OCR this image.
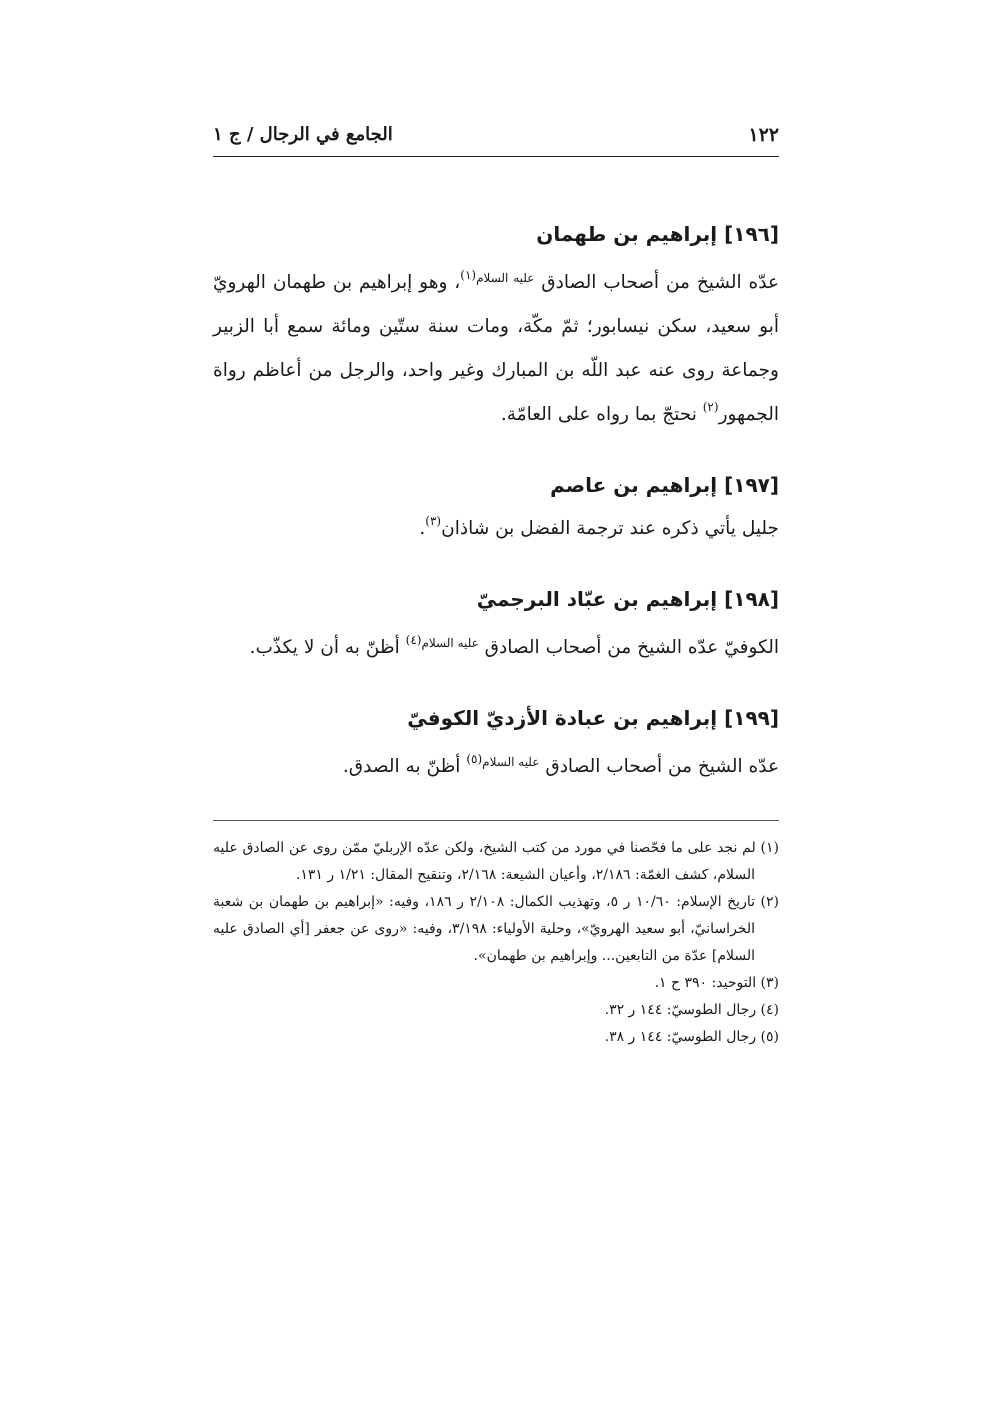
١٢٢
الجامع في الرجال / ج ١
[١٩٦] إبراهيم بن طهمان

عدّه الشيخ من أصحاب الصادق $^{عليه السلام(١)}$، وهو إبراهيم بن طهمان الهرويّ أبو سعيد، سكن نيسابور؛ ثمّ مكّة، ومات سنة ستّين ومائة سمع أبا الزبير وجماعة روى عنه عبد اللّه بن المبارك وغير واحد، والرجل من أعاظم رواة الجمهور$^{(٢)}$ نحتجّ بما رواه على العامّة.

[١٩٧] إبراهيم بن عاصم

جليل يأتي ذكره عند ترجمة الفضل بن شاذان$^{(٣)}$.

[١٩٨] إبراهيم بن عبّاد البرجميّ

الكوفيّ عدّه الشيخ من أصحاب الصادق $^{عليه السلام(٤)}$ أظنّ به أن لا يكذّب.

[١٩٩] إبراهيم بن عبادة الأزديّ الكوفيّ

عدّه الشيخ من أصحاب الصادق $^{عليه السلام(٥)}$ أظنّ به الصدق.

(١) لم نجد على ما فحّصنا في مورد من كتب الشيخ، ولكن عدّه الإربليّ ممّن روى عن الصادق عليه السلام، كشف الغمّة: ٢/١٨٦، وأعيان الشيعة: ٢/١٦٨، وتنقيح المقال: ١/٢١ ر ١٣١.

(٢) تاريخ الإسلام: ١٠/٦٠ ر ٥، وتهذيب الكمال: ٢/١٠٨ ر ١٨٦، وفيه: «إبراهيم بن طهمان بن شعبة الخراسانيّ، أبو سعيد الهرويّ»، وحلية الأولياء: ٣/١٩٨، وفيه: «روى عن جعفر [أي الصادق عليه السلام] عدّة من التابعين... وإبراهيم بن طهمان».

(٣) التوحيد: ٣٩٠ ح ١.

(٤) رجال الطوسيّ: ١٤٤ ر ٣٢.

(٥) رجال الطوسيّ: ١٤٤ ر ٣٨.
